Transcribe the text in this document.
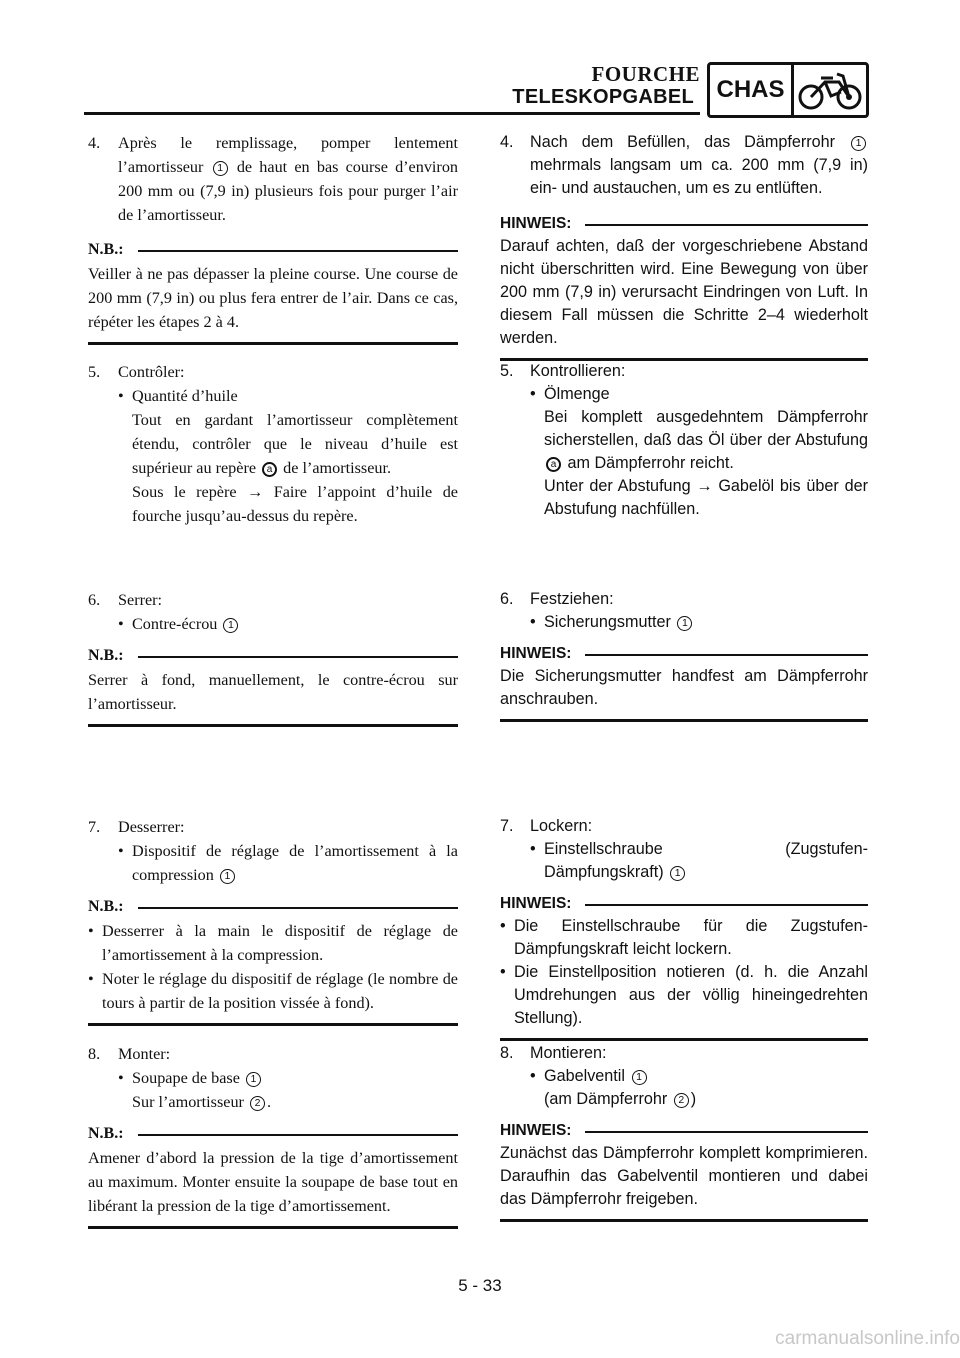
FOURCHE
TELESKOPGABEL CHAS
4.	Après le remplissage, pomper lentement l’amortisseur 1 de haut en bas course d’environ 200 mm ou (7,9 in) plusieurs fois pour purger l’air de l’amortisseur.
N.B.:
Veiller à ne pas dépasser la pleine course. Une course de 200 mm (7,9 in) ou plus fera entrer de l’air. Dans ce cas, répéter les étapes 2 à 4.
5.	Contrôler:
• Quantité d’huile
Tout en gardant l’amortisseur complètement étendu, contrôler que le niveau d’huile est supérieur au repère a de l’amortisseur.
Sous le repère → Faire l’appoint d’huile de fourche jusqu’au-dessus du repère.
6.	Serrer:
• Contre-écrou 1
N.B.:
Serrer à fond, manuellement, le contre-écrou sur l’amortisseur.
7.	Desserrer:
• Dispositif de réglage de l’amortissement à la compression 1
N.B.:
• Desserrer à la main le dispositif de réglage de l’amortissement à la compression.
• Noter le réglage du dispositif de réglage (le nombre de tours à partir de la position vissée à fond).
8.	Monter:
• Soupape de base 1
Sur l’amortisseur 2 .
N.B.:
Amener d’abord la pression de la tige d’amortissement au maximum. Monter ensuite la soupape de base tout en libérant la pression de la tige d’amortissement.
4.	Nach dem Befüllen, das Dämpferrohr 1 mehrmals langsam um ca. 200 mm (7,9 in) ein- und austauchen, um es zu entlüften.
HINWEIS:
Darauf achten, daß der vorgeschriebene Abstand nicht überschritten wird. Eine Bewegung von über 200 mm (7,9 in) verursacht Eindringen von Luft. In diesem Fall müssen die Schritte 2–4 wiederholt werden.
5.	Kontrollieren:
• Ölmenge
Bei komplett ausgedehntem Dämpferrohr sicherstellen, daß das Öl über der Abstufung
a am Dämpferrohr reicht.
Unter der Abstufung → Gabelöl bis über der Abstufung nachfüllen.
6.	Festziehen:
• Sicherungsmutter 1
HINWEIS:
Die Sicherungsmutter handfest am Dämpferrohr anschrauben.
7.	Lockern:
• Einstellschraube (Zugstufen-Dämpfungskraft) 1
HINWEIS:
• Die Einstellschraube für die Zugstufen-Dämpfungskraft leicht lockern.
• Die Einstellposition notieren (d. h. die Anzahl Umdrehungen aus der völlig hineingedrehten Stellung).
8.	Montieren:
• Gabelventil 1
(am Dämpferrohr 2 )
HINWEIS:
Zunächst das Dämpferrohr komplett komprimieren. Daraufhin das Gabelventil montieren und dabei das Dämpferrohr freigeben.
5 - 33
carmanualsonline.info
